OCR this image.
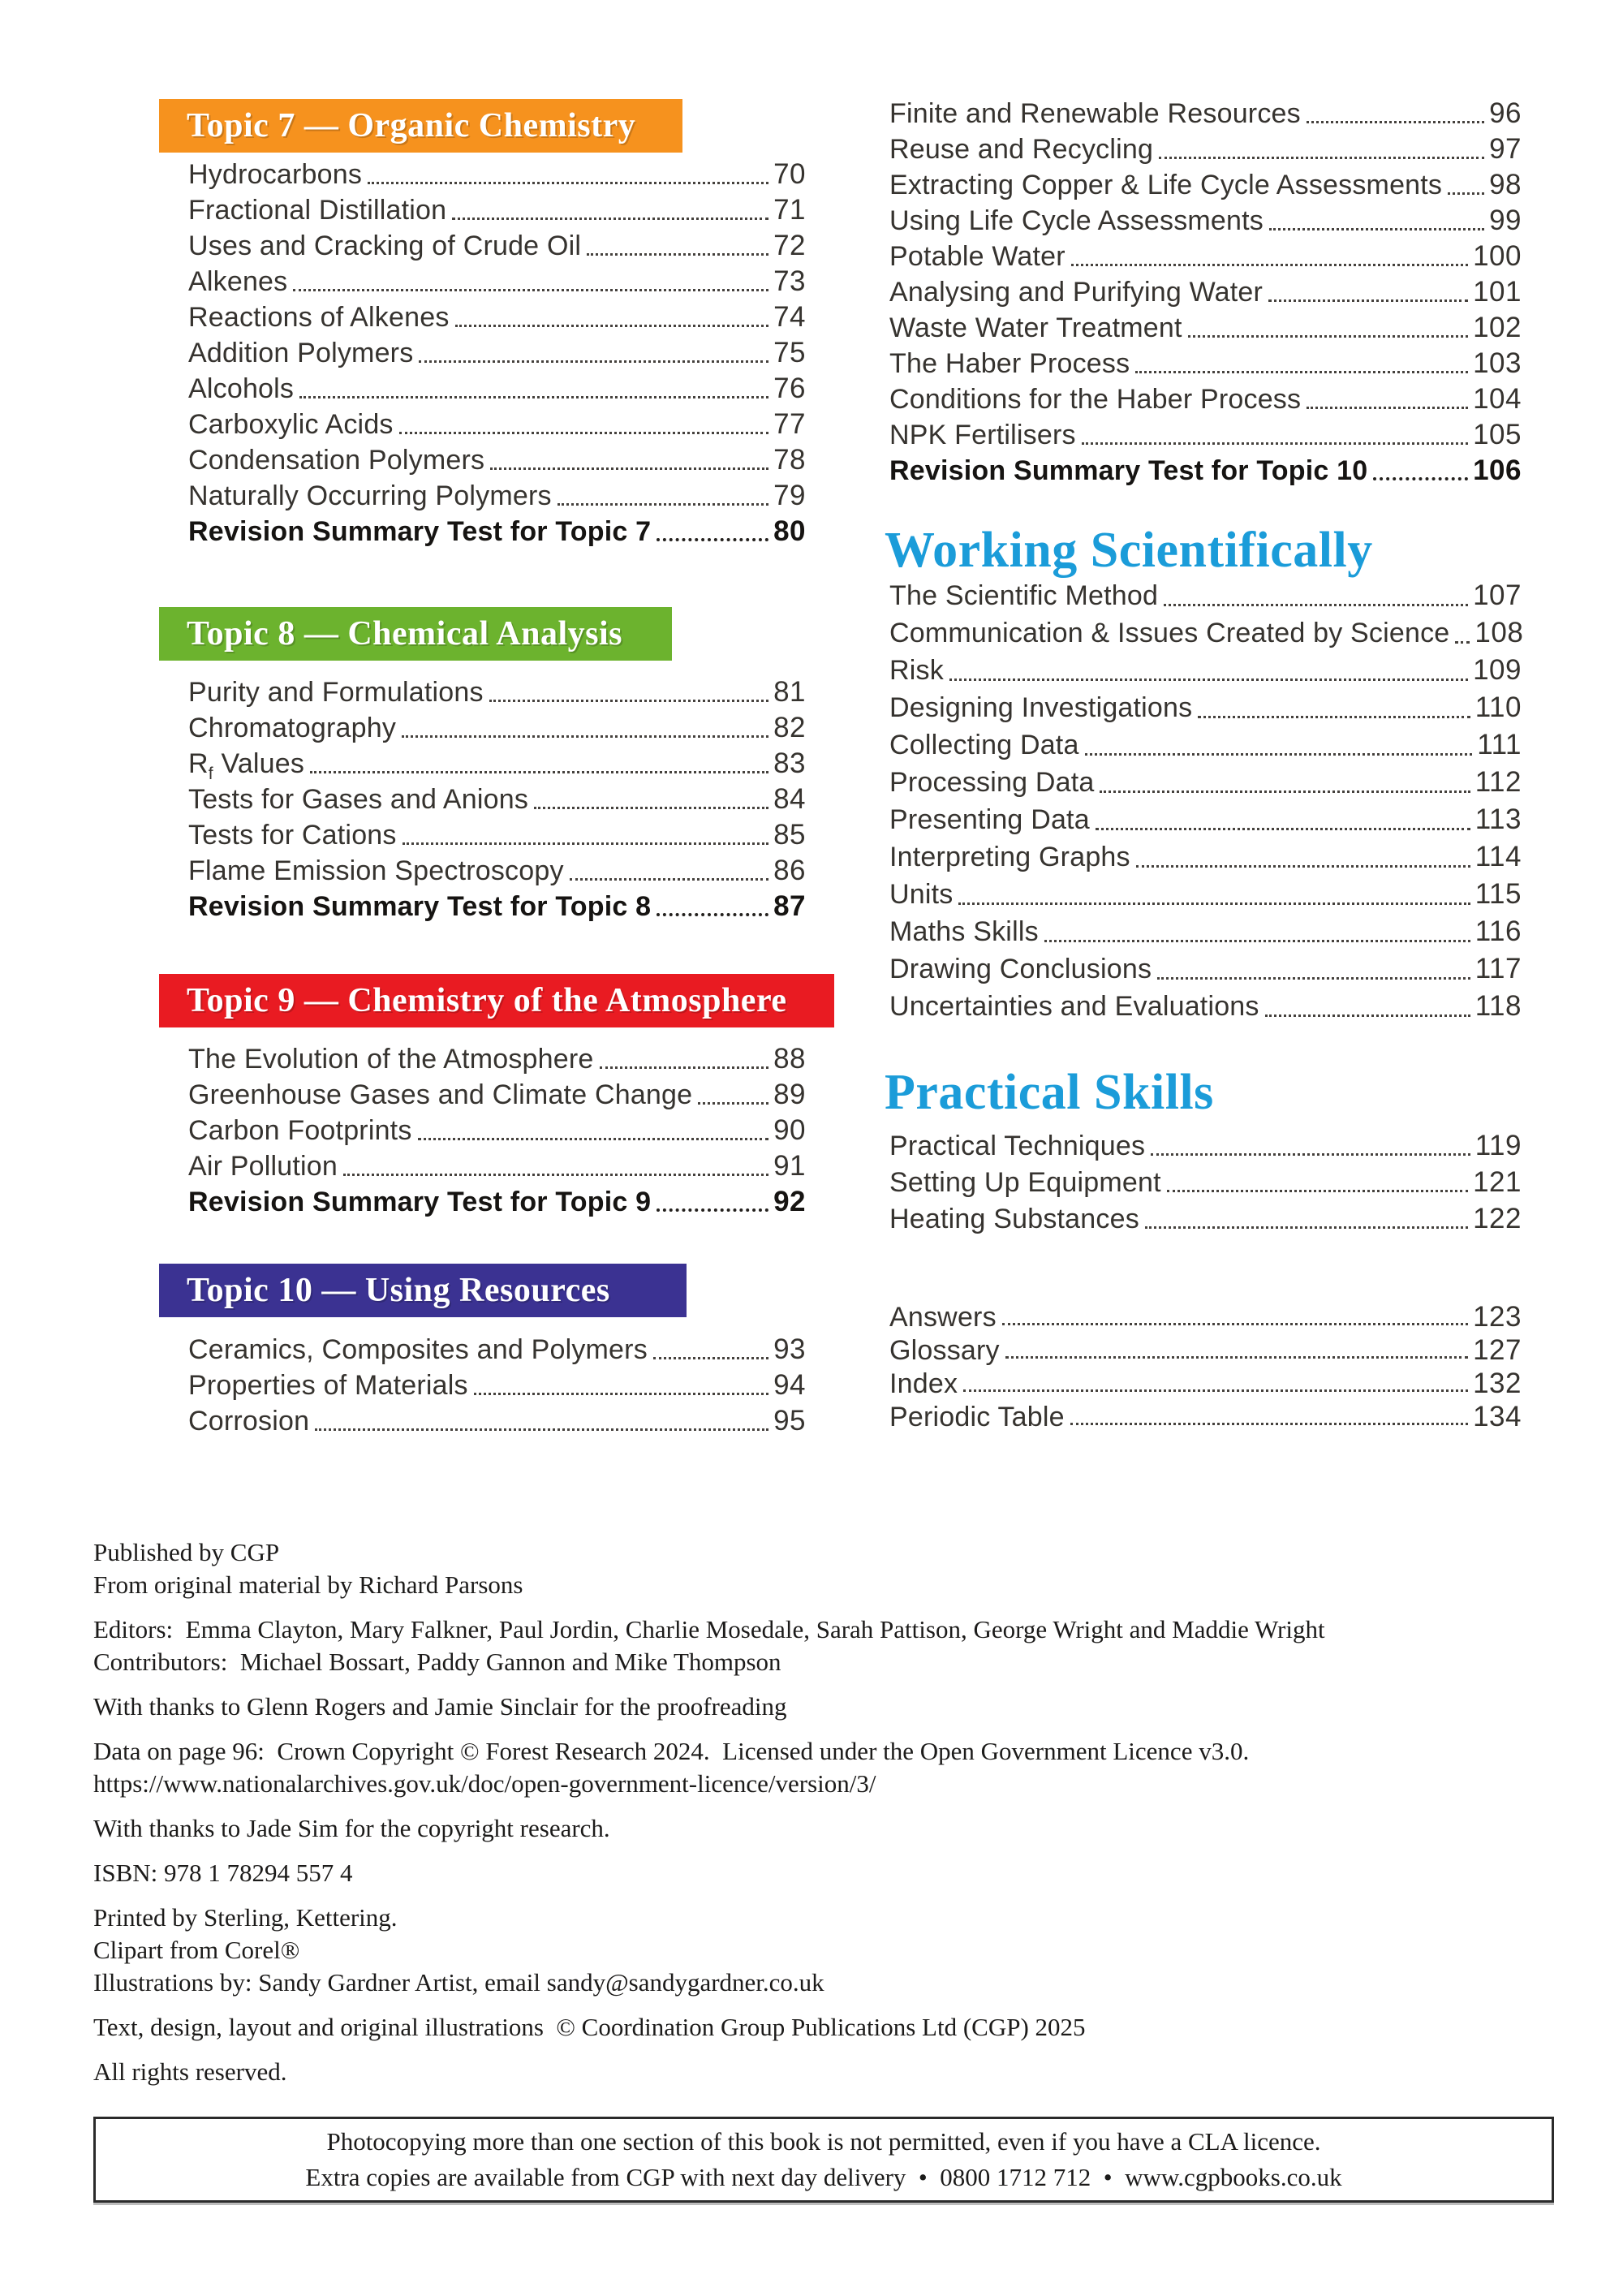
Topic 7 — Organic Chemistry
Hydrocarbons	70
Fractional Distillation	71
Uses and Cracking of Crude Oil	72
Alkenes	73
Reactions of Alkenes	74
Addition Polymers	75
Alcohols	76
Carboxylic Acids	77
Condensation Polymers	78
Naturally Occurring Polymers	79
Revision Summary Test for Topic 7	80
Topic 8 — Chemical Analysis
Purity and Formulations	81
Chromatography	82
$R_f$ Values	83
Tests for Gases and Anions	84
Tests for Cations	85
Flame Emission Spectroscopy	86
Revision Summary Test for Topic 8	87
Topic 9 — Chemistry of the Atmosphere
The Evolution of the Atmosphere	88
Greenhouse Gases and Climate Change	89
Carbon Footprints	90
Air Pollution	91
Revision Summary Test for Topic 9	92
Topic 10 — Using Resources
Ceramics, Composites and Polymers	93
Properties of Materials	94
Corrosion	95
Finite and Renewable Resources	96
Reuse and Recycling	97
Extracting Copper & Life Cycle Assessments 98
Using Life Cycle Assessments	99
Potable Water	100
Analysing and Purifying Water	101
Waste Water Treatment	102
The Haber Process	103
Conditions for the Haber Process	104
NPK Fertilisers	105
Revision Summary Test for Topic 10	106
Working Scientifically
The Scientific Method	107
Communication & Issues Created by Science 108
Risk	109
Designing Investigations	110
Collecting Data	111
Processing Data	112
Presenting Data	113
Interpreting Graphs	114
Units	115
Maths Skills	116
Drawing Conclusions	117
Uncertainties and Evaluations	118
Practical Skills
Practical Techniques	119
Setting Up Equipment	121
Heating Substances	122
Answers	123
Glossary	127
Index	132
Periodic Table	134

Published by CGP
From original material by Richard Parsons

Editors:  Emma Clayton, Mary Falkner, Paul Jordin, Charlie Mosedale, Sarah Pattison, George Wright and Maddie Wright
Contributors:  Michael Bossart, Paddy Gannon and Mike Thompson

With thanks to Glenn Rogers and Jamie Sinclair for the proofreading

Data on page 96:  Crown Copyright © Forest Research 2024.  Licensed under the Open Government Licence v3.0.
https://www.nationalarchives.gov.uk/doc/open-government-licence/version/3/

With thanks to Jade Sim for the copyright research.

ISBN: 978 1 78294 557 4

Printed by Sterling, Kettering.
Clipart from Corel®
Illustrations by: Sandy Gardner Artist, email sandy@sandygardner.co.uk

Text, design, layout and original illustrations  © Coordination Group Publications Ltd (CGP) 2025

All rights reserved.

Photocopying more than one section of this book is not permitted, even if you have a CLA licence.
Extra copies are available from CGP with next day delivery  •  0800 1712 712  •  www.cgpbooks.co.uk
